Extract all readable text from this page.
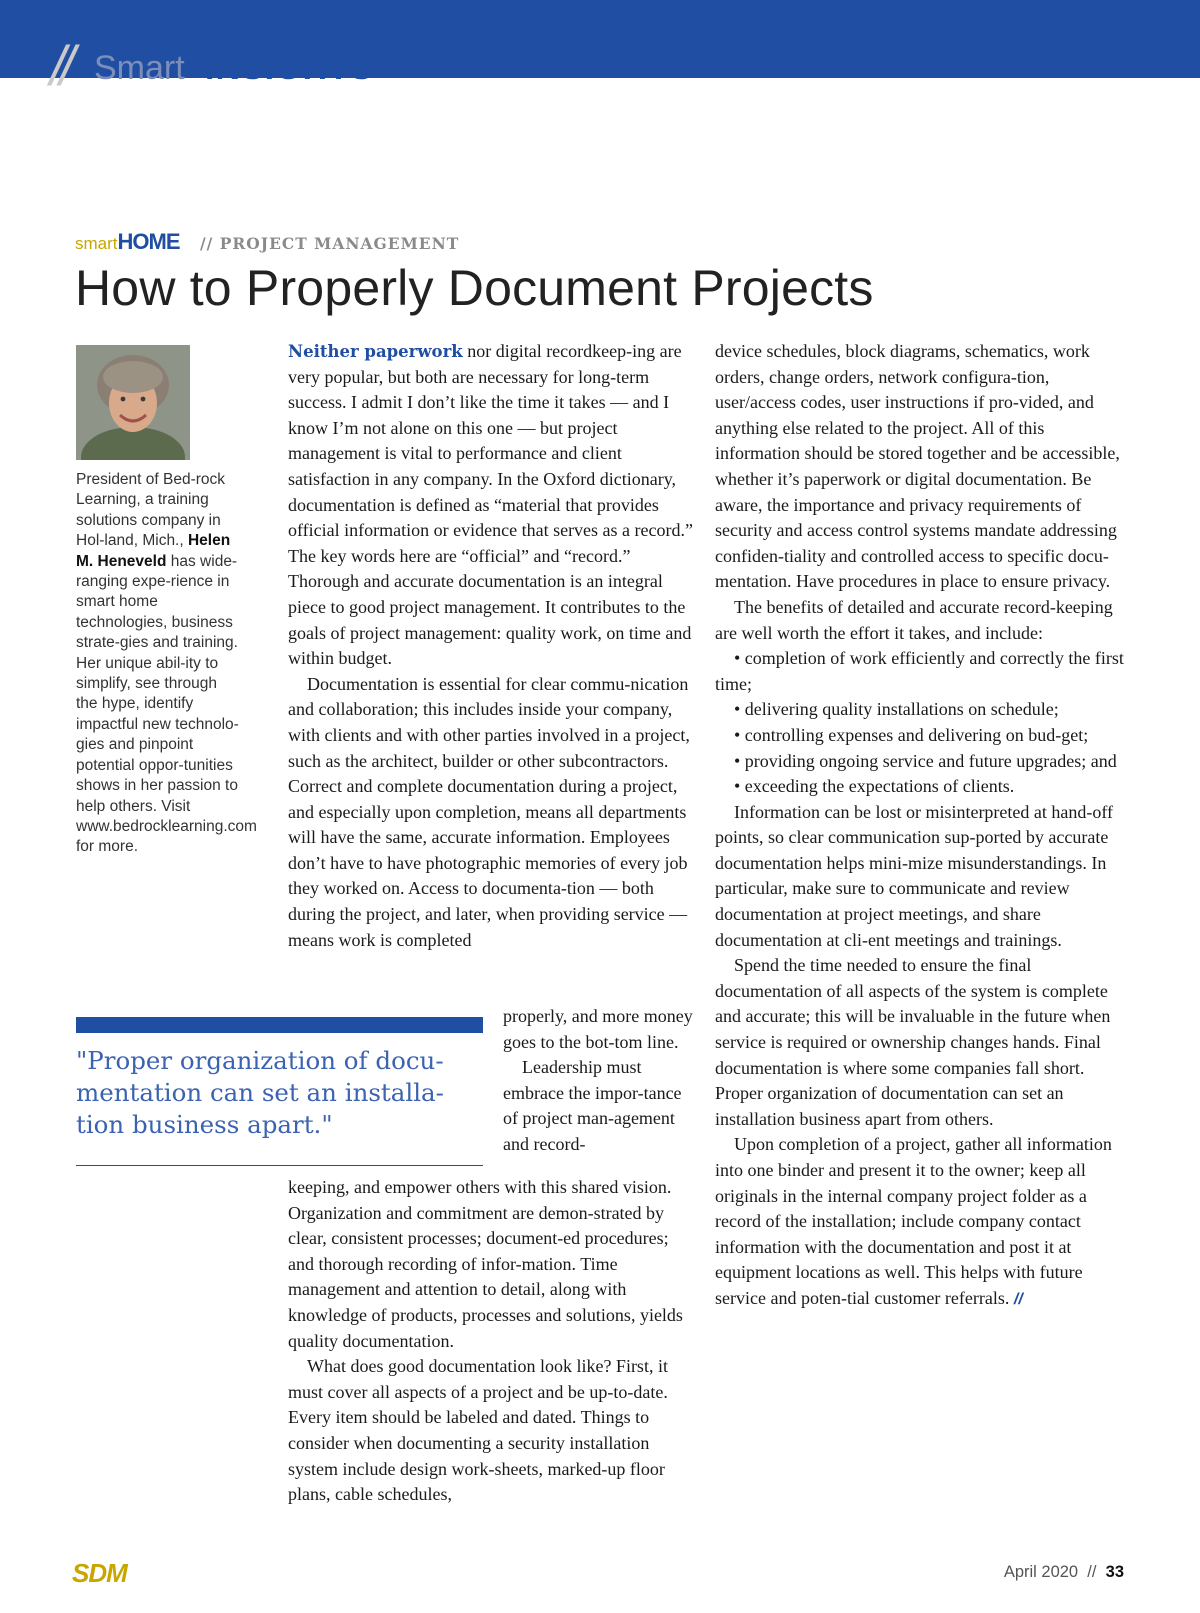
// Smart INSIGHTS
smartHOME // PROJECT MANAGEMENT
How to Properly Document Projects
President of Bed-rock Learning, a training solutions company in Hol-land, Mich., Helen M. Heneveld has wide-ranging expe-rience in smart home technologies, business strate-gies and training. Her unique abil-ity to simplify, see through the hype, identify impactful new technolo-gies and pinpoint potential oppor-tunities shows in her passion to help others. Visit www.bedrocklearning.com for more.

Neither paperwork nor digital recordkeep-ing are very popular, but both are necessary for long-term success. I admit I don’t like the time it takes — and I know I’m not alone on this one — but project management is vital to performance and client satisfaction in any company. In the Oxford dictionary, documentation is defined as “material that provides official information or evidence that serves as a record.” The key words here are “official” and “record.” Thorough and accurate documentation is an integral piece to good project management. It contributes to the goals of project management: quality work, on time and within budget.

Documentation is essential for clear commu-nication and collaboration; this includes inside your company, with clients and with other parties involved in a project, such as the architect, builder or other subcontractors. Correct and complete documentation during a project, and especially upon completion, means all departments will have the same, accurate information. Employees don’t have to have photographic memories of every job they worked on. Access to documenta-tion — both during the project, and later, when providing service — means work is completed

"Proper organization of docu-mentation can set an installa-tion business apart."

properly, and more money goes to the bot-tom line.

Leadership must embrace the impor-tance of project man-agement and record-

keeping, and empower others with this shared vision. Organization and commitment are demon-strated by clear, consistent processes; document-ed procedures; and thorough recording of infor-mation. Time management and attention to detail, along with knowledge of products, processes and solutions, yields quality documentation.

What does good documentation look like? First, it must cover all aspects of a project and be up-to-date. Every item should be labeled and dated. Things to consider when documenting a security installation system include design work-sheets, marked-up floor plans, cable schedules,

device schedules, block diagrams, schematics, work orders, change orders, network configura-tion, user/access codes, user instructions if pro-vided, and anything else related to the project. All of this information should be stored together and be accessible, whether it’s paperwork or digital documentation. Be aware, the importance and privacy requirements of security and access control systems mandate addressing confiden-tiality and controlled access to specific docu-mentation. Have procedures in place to ensure privacy.

The benefits of detailed and accurate record-keeping are well worth the effort it takes, and include:

• completion of work efficiently and correctly the first time;

• delivering quality installations on schedule;

• controlling expenses and delivering on bud-get;

• providing ongoing service and future upgrades; and

• exceeding the expectations of clients.

Information can be lost or misinterpreted at hand-off points, so clear communication sup-ported by accurate documentation helps mini-mize misunderstandings. In particular, make sure to communicate and review documentation at project meetings, and share documentation at cli-ent meetings and trainings.

Spend the time needed to ensure the final documentation of all aspects of the system is complete and accurate; this will be invaluable in the future when service is required or ownership changes hands. Final documentation is where some companies fall short. Proper organization of documentation can set an installation business apart from others.

Upon completion of a project, gather all information into one binder and present it to the owner; keep all originals in the internal company project folder as a record of the installation; include company contact information with the documentation and post it at equipment locations as well. This helps with future service and poten-tial customer referrals. //

SDM	April 2020 // 33
